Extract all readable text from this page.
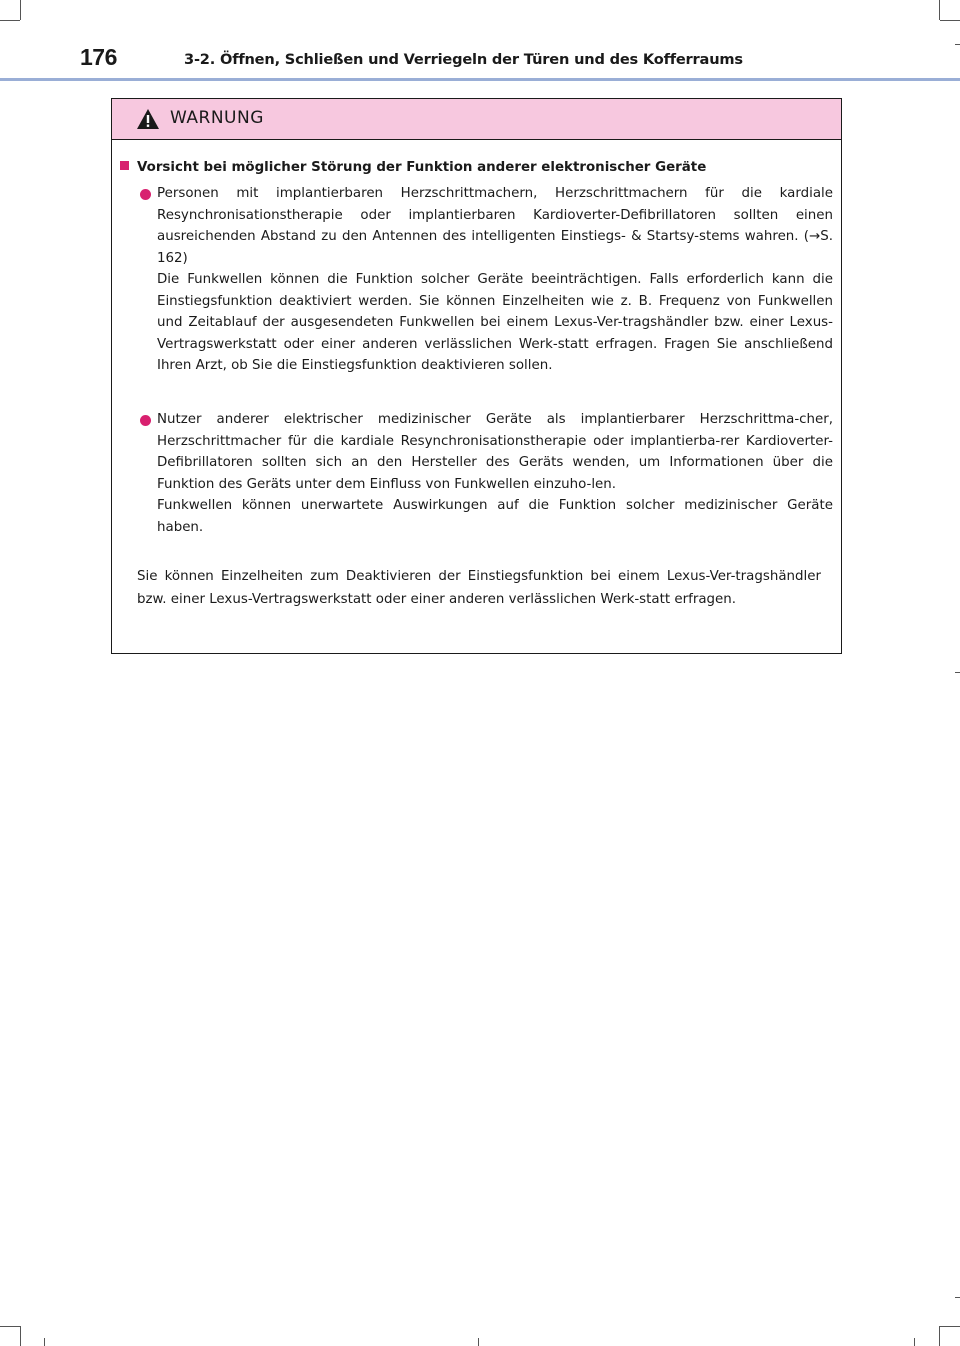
176	3-2. Öffnen, Schließen und Verriegeln der Türen und des Kofferraums
WARNUNG
Vorsicht bei möglicher Störung der Funktion anderer elektronischer Geräte

Personen mit implantierbaren Herzschrittmachern, Herzschrittmachern für die kardiale Resynchronisationstherapie oder implantierbaren Kardioverter-Defibrillatoren sollten einen ausreichenden Abstand zu den Antennen des intelligenten Einstiegs- & Startsy-stems wahren. (→S. 162)

Die Funkwellen können die Funktion solcher Geräte beeinträchtigen. Falls erforderlich kann die Einstiegsfunktion deaktiviert werden. Sie können Einzelheiten wie z. B. Frequenz von Funkwellen und Zeitablauf der ausgesendeten Funkwellen bei einem Lexus-Ver-tragshändler bzw. einer Lexus-Vertragswerkstatt oder einer anderen verlässlichen Werk-statt erfragen. Fragen Sie anschließend Ihren Arzt, ob Sie die Einstiegsfunktion deaktivieren sollen.

Nutzer anderer elektrischer medizinischer Geräte als implantierbarer Herzschrittma-cher, Herzschrittmacher für die kardiale Resynchronisationstherapie oder implantierba-rer Kardioverter-Defibrillatoren sollten sich an den Hersteller des Geräts wenden, um Informationen über die Funktion des Geräts unter dem Einfluss von Funkwellen einzuho-len.

Funkwellen können unerwartete Auswirkungen auf die Funktion solcher medizinischer Geräte haben.

Sie können Einzelheiten zum Deaktivieren der Einstiegsfunktion bei einem Lexus-Ver-tragshändler bzw. einer Lexus-Vertragswerkstatt oder einer anderen verlässlichen Werk-statt erfragen.
